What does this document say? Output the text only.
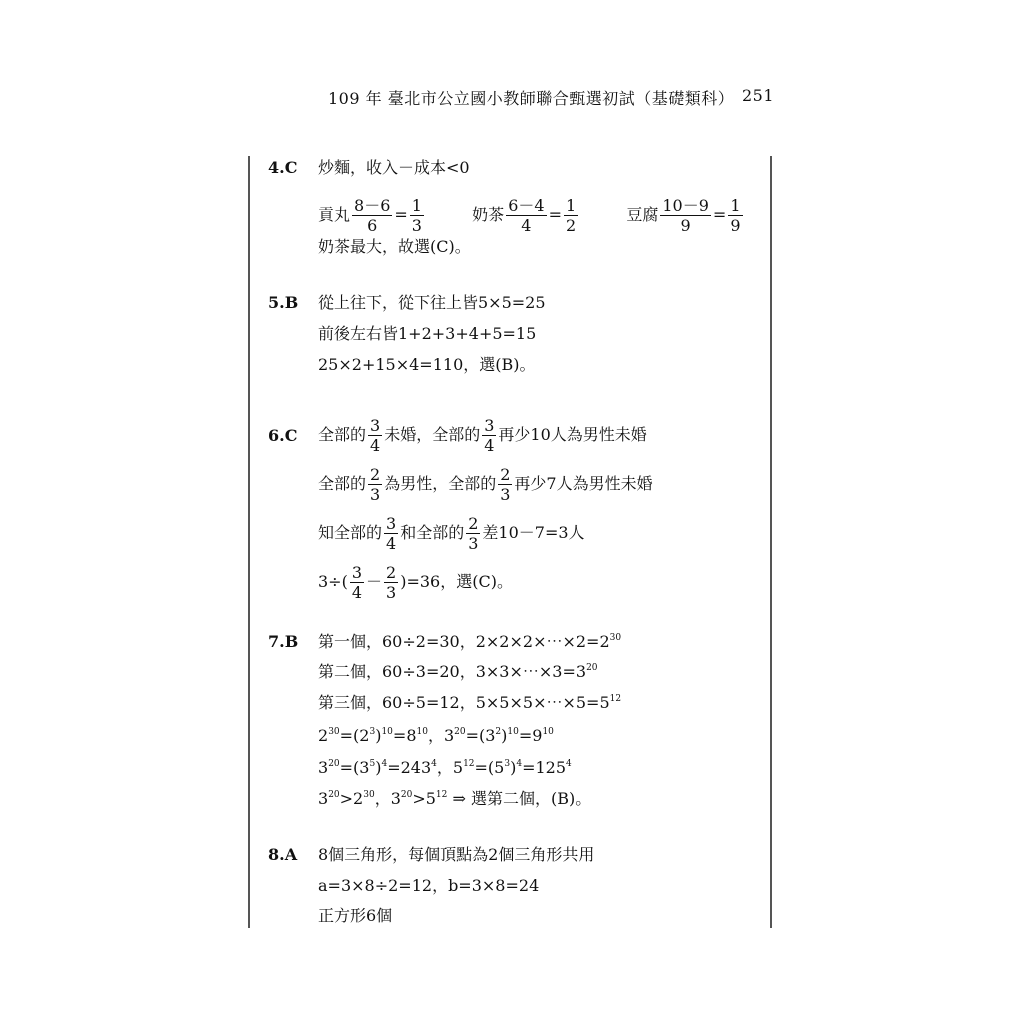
109 年 臺北市公立國小教師聯合甄選初試（基礎類科） 251
4.C 炒麵，收入－成本<0
貢丸 $\frac{8-6}{6} = \frac{1}{3}$	奶茶 $\frac{6-4}{4} = \frac{1}{2}$	豆腐 $\frac{10-9}{9} = \frac{1}{9}$
奶茶最大，故選(C)。
5.B 從上往下，從下往上皆5×5=25
前後左右皆1+2+3+4+5=15
25×2+15×4=110，選(B)。
6.C 全部的 $\frac{3}{4}$ 未婚，全部的 $\frac{3}{4}$ 再少10人為男性未婚
全部的 $\frac{2}{3}$ 為男性，全部的 $\frac{2}{3}$ 再少7人為男性未婚
知全部的 $\frac{3}{4}$ 和全部的 $\frac{2}{3}$ 差10－7=3人
$3\div( \frac{3}{4} - \frac{2}{3} )=36$，選(C)。
7.B 第一個，60÷2=30，$2\times 2\times 2\times\cdots\times 2=2^{30}$
第二個，60÷3=20，$3\times 3\times\cdots\times 3=3^{20}$
第三個，60÷5=12，$5\times 5\times 5\times\cdots\times 5=5^{12}$
$2^{30}=(2^3)^{10}=8^{10}$，$3^{20}=(3^2)^{10}=9^{10}$
$3^{20}=(3^5)^4=243^4$，$5^{12}=(5^3)^4=125^4$
$3^{20}>2^{30}$，$3^{20}>5^{12}$ ⇒ 選第二個，(B)。
8.A 8個三角形，每個頂點為2個三角形共用
a=3×8÷2=12，b=3×8=24
正方形6個
